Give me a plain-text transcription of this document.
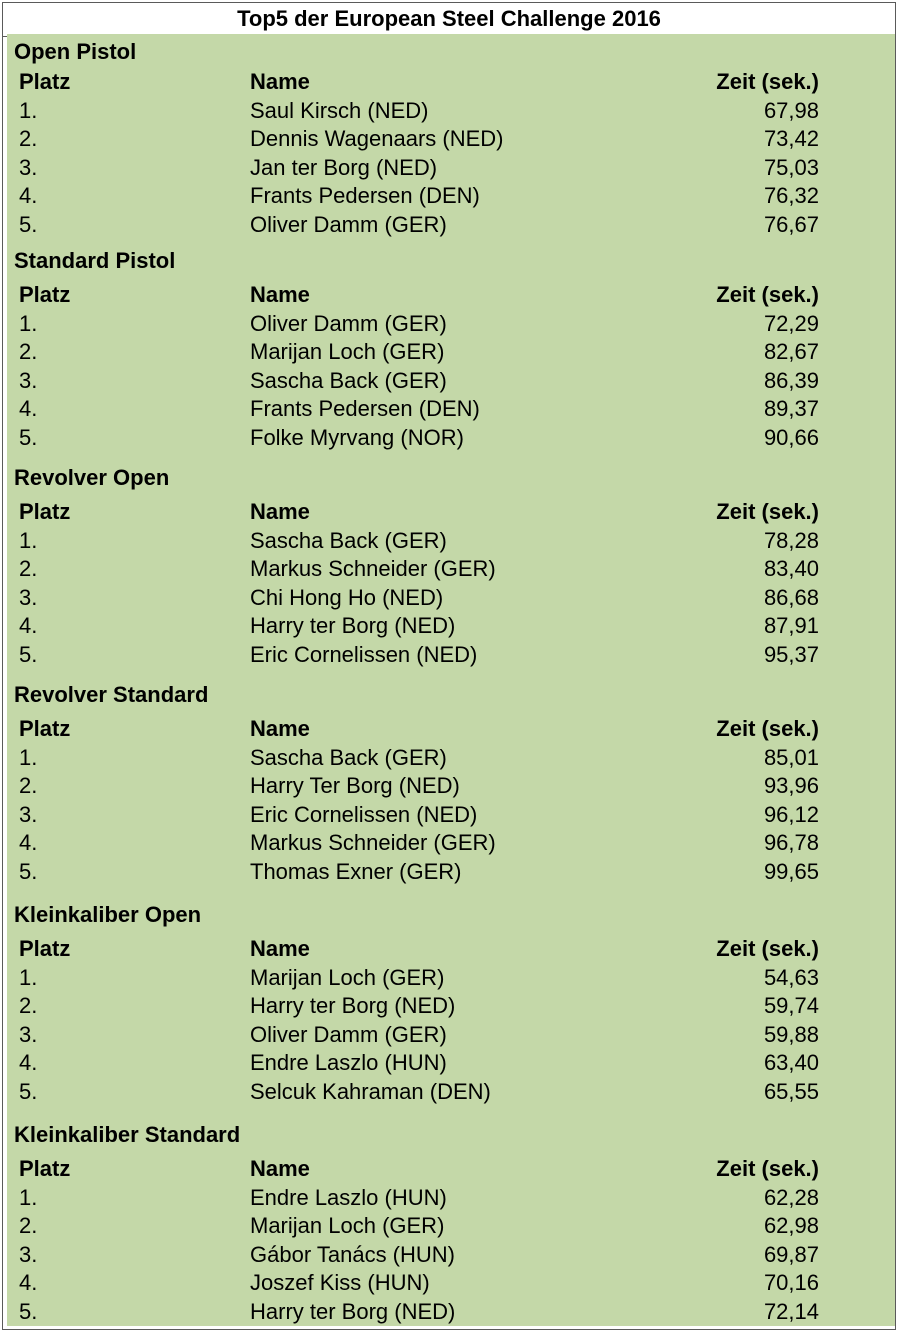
Top5 der European Steel Challenge 2016
Open Pistol
Platz	Name	Zeit (sek.)
1.	Saul Kirsch (NED)	67,98
2.	Dennis Wagenaars (NED)	73,42
3.	Jan ter Borg (NED)	75,03
4.	Frants Pedersen (DEN)	76,32
5.	Oliver Damm (GER)	76,67
Standard Pistol
Platz	Name	Zeit (sek.)
1.	Oliver Damm (GER)	72,29
2.	Marijan Loch (GER)	82,67
3.	Sascha Back (GER)	86,39
4.	Frants Pedersen (DEN)	89,37
5.	Folke Myrvang (NOR)	90,66
Revolver Open
Platz	Name	Zeit (sek.)
1.	Sascha Back (GER)	78,28
2.	Markus Schneider (GER)	83,40
3.	Chi Hong Ho (NED)	86,68
4.	Harry ter Borg (NED)	87,91
5.	Eric Cornelissen (NED)	95,37
Revolver Standard
Platz	Name	Zeit (sek.)
1.	Sascha Back (GER)	85,01
2.	Harry Ter Borg (NED)	93,96
3.	Eric Cornelissen (NED)	96,12
4.	Markus Schneider (GER)	96,78
5.	Thomas Exner (GER)	99,65
Kleinkaliber Open
Platz	Name	Zeit (sek.)
1.	Marijan Loch (GER)	54,63
2.	Harry ter Borg (NED)	59,74
3.	Oliver Damm (GER)	59,88
4.	Endre Laszlo (HUN)	63,40
5.	Selcuk Kahraman (DEN)	65,55
Kleinkaliber Standard
Platz	Name	Zeit (sek.)
1.	Endre Laszlo (HUN)	62,28
2.	Marijan Loch (GER)	62,98
3.	Gábor Tanács (HUN)	69,87
4.	Joszef Kiss (HUN)	70,16
5.	Harry ter Borg (NED)	72,14
